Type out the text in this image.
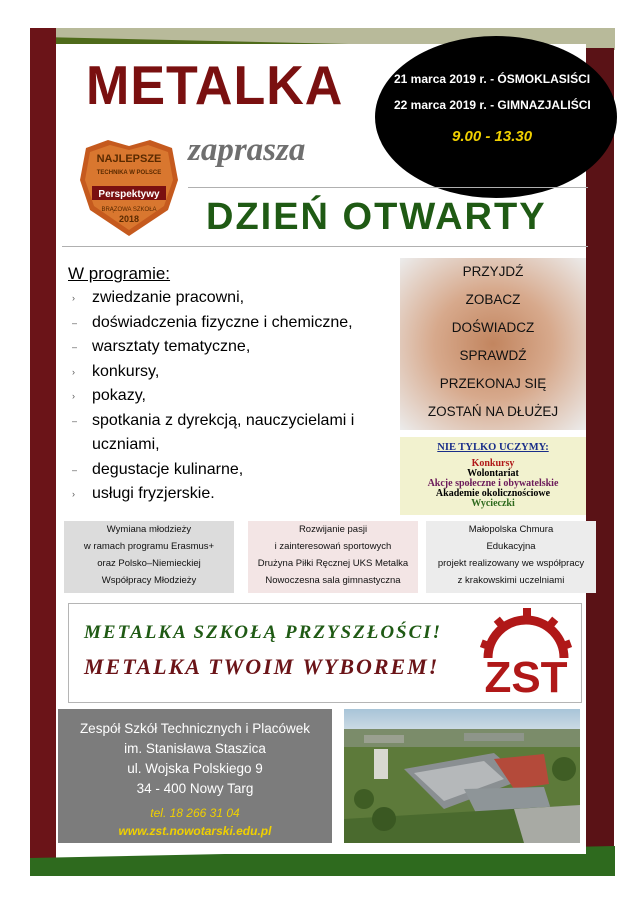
METALKA
zaprasza
21 marca 2019 r. - ÓSMOKLASIŚCI
22 marca 2019 r. - GIMNAZJALIŚCI
9.00 - 13.30
NAJLEPSZE
TECHNIKA W POLSCE
Perspektywy
BRĄZOWA SZKOŁA
2018 DZIEŃ OTWARTY
W programie:
› zwiedzanie pracowni,
– doświadczenia fizyczne i chemiczne,
– warsztaty tematyczne,
› konkursy,
› pokazy,
– spotkania z dyrekcją, nauczycielami i uczniami,
– degustacje kulinarne,
› usługi fryzjerskie.
PRZYJDŹ
ZOBACZ
DOŚWIADCZ
SPRAWDŹ
PRZEKONAJ SIĘ
ZOSTAŃ NA DŁUŻEJ
NIE TYLKO UCZYMY:
Konkursy
Wolontariat
Akcje społeczne i obywatelskie
Akademie okolicznościowe
Wycieczki
Wymiana młodzieży
w ramach programu Erasmus+
oraz Polsko–Niemieckiej
Współpracy Młodzieży
Rozwijanie pasji
i zainteresowań sportowych
Drużyna Piłki Ręcznej UKS Metalka
Nowoczesna sala gimnastyczna
Małopolska Chmura
Edukacyjna
projekt realizowany we współpracy
z krakowskimi uczelniami
METALKA SZKOŁĄ PRZYSZŁOŚCI!
METALKA TWOIM WYBOREM! ZST
Zespół Szkół Technicznych i Placówek
im. Stanisława Staszica
ul. Wojska Polskiego 9
34 - 400 Nowy Targ
tel. 18 266 31 04
www.zst.nowotarski.edu.pl
